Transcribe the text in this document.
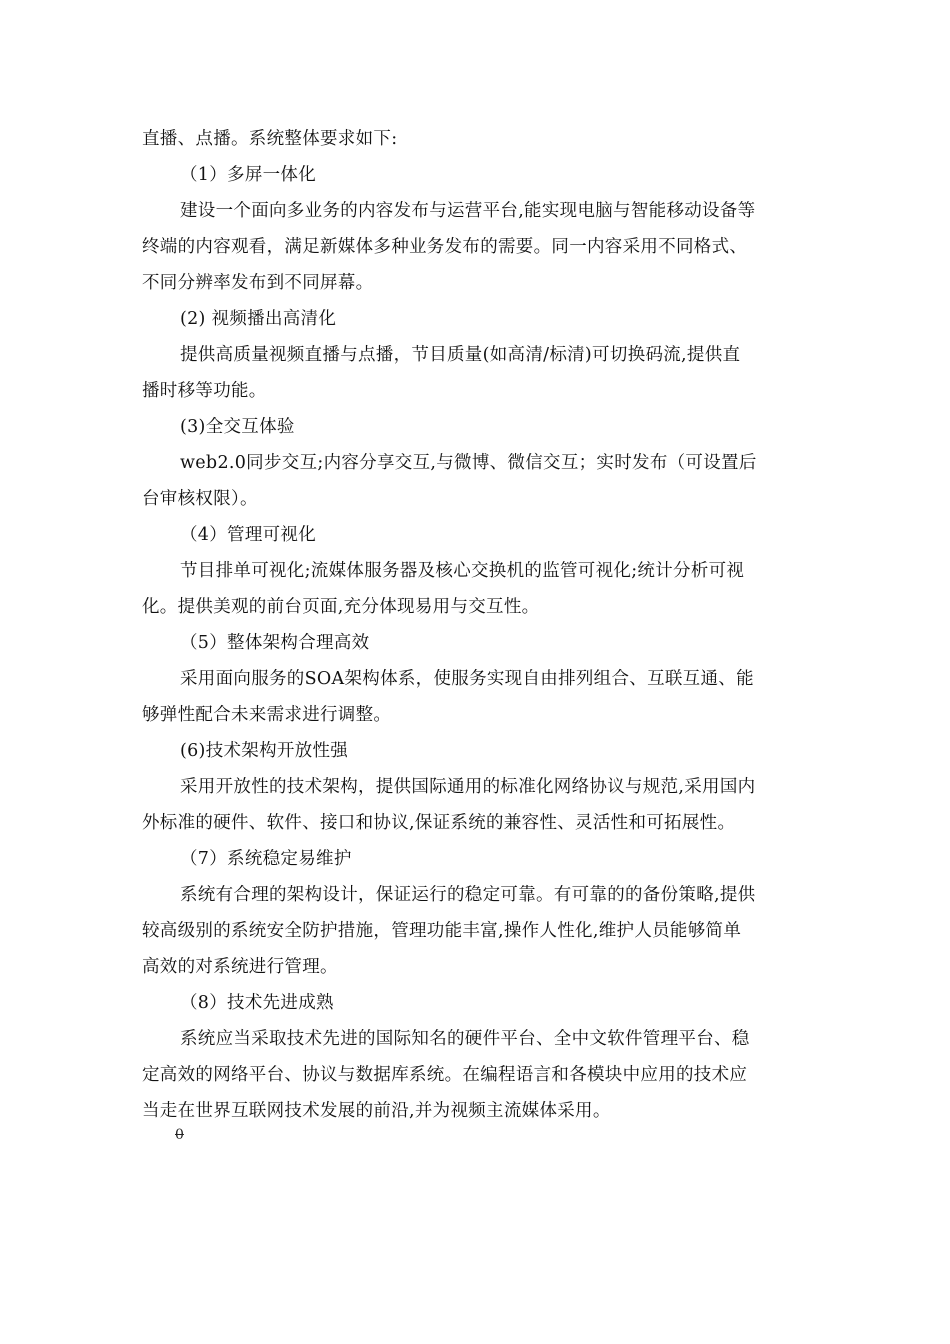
直播、点播。系统整体要求如下:
（1）多屏一体化
建设一个面向多业务的内容发布与运营平台,能实现电脑与智能移动设备等
终端的内容观看，满足新媒体多种业务发布的需要。同一内容采用不同格式、
不同分辨率发布到不同屏幕。
(2) 视频播出高清化
提供高质量视频直播与点播，节目质量(如高清/标清)可切换码流,提供直
播时移等功能。
(3)全交互体验
web2.0同步交互;内容分享交互,与微博、微信交互；实时发布（可设置后
台审核权限）。
（4）管理可视化
节目排单可视化;流媒体服务器及核心交换机的监管可视化;统计分析可视
化。提供美观的前台页面,充分体现易用与交互性。
（5）整体架构合理高效
采用面向服务的SOA架构体系，使服务实现自由排列组合、互联互通、能
够弹性配合未来需求进行调整。
(6)技术架构开放性强
采用开放性的技术架构，提供国际通用的标准化网络协议与规范,采用国内
外标准的硬件、软件、接口和协议,保证系统的兼容性、灵活性和可拓展性。
（7）系统稳定易维护
系统有合理的架构设计，保证运行的稳定可靠。有可靠的的备份策略,提供
较高级别的系统安全防护措施，管理功能丰富,操作人性化,维护人员能够简单
高效的对系统进行管理。
（8）技术先进成熟
系统应当采取技术先进的国际知名的硬件平台、全中文软件管理平台、稳
定高效的网络平台、协议与数据库系统。在编程语言和各模块中应用的技术应
当走在世界互联网技术发展的前沿,并为视频主流媒体采用。
0
